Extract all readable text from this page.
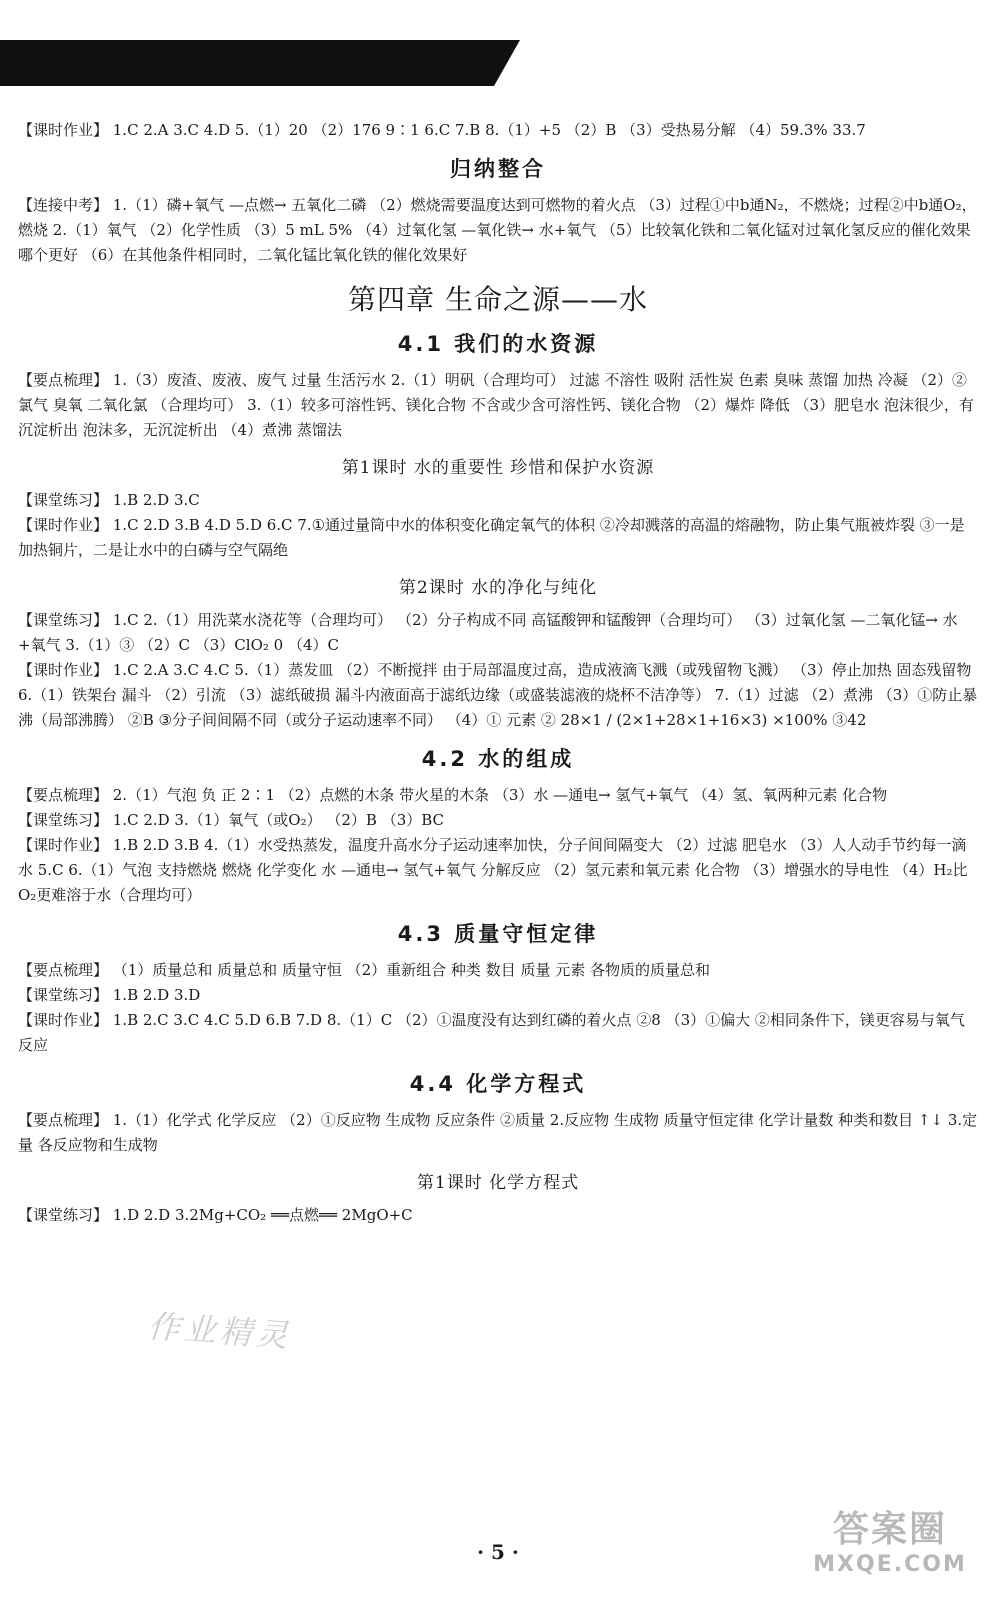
【课时作业】 1.C 2.A 3.C 4.D 5.（1）20 （2）176 9∶1 6.C 7.B 8.（1）+5 （2）B （3）受热易分解 （4）59.3% 33.7

归纳整合

【连接中考】 1.（1）磷+氧气 —点燃→ 五氧化二磷 （2）燃烧需要温度达到可燃物的着火点 （3）过程①中b通N₂，不燃烧；过程②中b通O₂，燃烧 2.（1）氧气 （2）化学性质 （3）5 mL 5% （4）过氧化氢 —氧化铁→ 水+氧气 （5）比较氧化铁和二氧化锰对过氧化氢反应的催化效果哪个更好 （6）在其他条件相同时，二氧化锰比氧化铁的催化效果好

第四章 生命之源——水
4.1 我们的水资源

【要点梳理】 1.（3）废渣、废液、废气 过量 生活污水 2.（1）明矾（合理均可） 过滤 不溶性 吸附 活性炭 色素 臭味 蒸馏 加热 冷凝 （2）②氯气 臭氧 二氧化氯 （合理均可） 3.（1）较多可溶性钙、镁化合物 不含或少含可溶性钙、镁化合物 （2）爆炸 降低 （3）肥皂水 泡沫很少，有沉淀析出 泡沫多，无沉淀析出 （4）煮沸 蒸馏法

第1课时 水的重要性 珍惜和保护水资源

【课堂练习】 1.B 2.D 3.C

【课时作业】 1.C 2.D 3.B 4.D 5.D 6.C 7.①通过量筒中水的体积变化确定氧气的体积 ②冷却溅落的高温的熔融物，防止集气瓶被炸裂 ③一是加热铜片，二是让水中的白磷与空气隔绝

第2课时 水的净化与纯化

【课堂练习】 1.C 2.（1）用洗菜水浇花等（合理均可） （2）分子构成不同 高锰酸钾和锰酸钾（合理均可） （3）过氧化氢 —二氧化锰→ 水+氧气 3.（1）③ （2）C （3）ClO₂ 0 （4）C

【课时作业】 1.C 2.A 3.C 4.C 5.（1）蒸发皿 （2）不断搅拌 由于局部温度过高，造成液滴飞溅（或残留物飞溅） （3）停止加热 固态残留物 6.（1）铁架台 漏斗 （2）引流 （3）滤纸破损 漏斗内液面高于滤纸边缘（或盛装滤液的烧杯不洁净等） 7.（1）过滤 （2）煮沸 （3）①防止暴沸（局部沸腾） ②B ③分子间间隔不同（或分子运动速率不同） （4）① 元素 ② 28×1 / (2×1+28×1+16×3) ×100% ③42

4.2 水的组成

【要点梳理】 2.（1）气泡 负 正 2∶1 （2）点燃的木条 带火星的木条 （3）水 —通电→ 氢气+氧气 （4）氢、氧两种元素 化合物

【课堂练习】 1.C 2.D 3.（1）氧气（或O₂） （2）B （3）BC

【课时作业】 1.B 2.D 3.B 4.（1）水受热蒸发，温度升高水分子运动速率加快，分子间间隔变大 （2）过滤 肥皂水 （3）人人动手节约每一滴水 5.C 6.（1）气泡 支持燃烧 燃烧 化学变化 水 —通电→ 氢气+氧气 分解反应 （2）氢元素和氧元素 化合物 （3）增强水的导电性 （4）H₂比O₂更难溶于水（合理均可）

4.3 质量守恒定律

【要点梳理】 （1）质量总和 质量总和 质量守恒 （2）重新组合 种类 数目 质量 元素 各物质的质量总和

【课堂练习】 1.B 2.D 3.D

【课时作业】 1.B 2.C 3.C 4.C 5.D 6.B 7.D 8.（1）C （2）①温度没有达到红磷的着火点 ②8 （3）①偏大 ②相同条件下，镁更容易与氧气反应

4.4 化学方程式

【要点梳理】 1.（1）化学式 化学反应 （2）①反应物 生成物 反应条件 ②质量 2.反应物 生成物 质量守恒定律 化学计量数 种类和数目 ↑↓ 3.定量 各反应物和生成物

第1课时 化学方程式

【课堂练习】 1.D 2.D 3.2Mg+CO₂ ══点燃══ 2MgO+C

作业精灵
· 5 ·
答案圈
MXQE.COM
